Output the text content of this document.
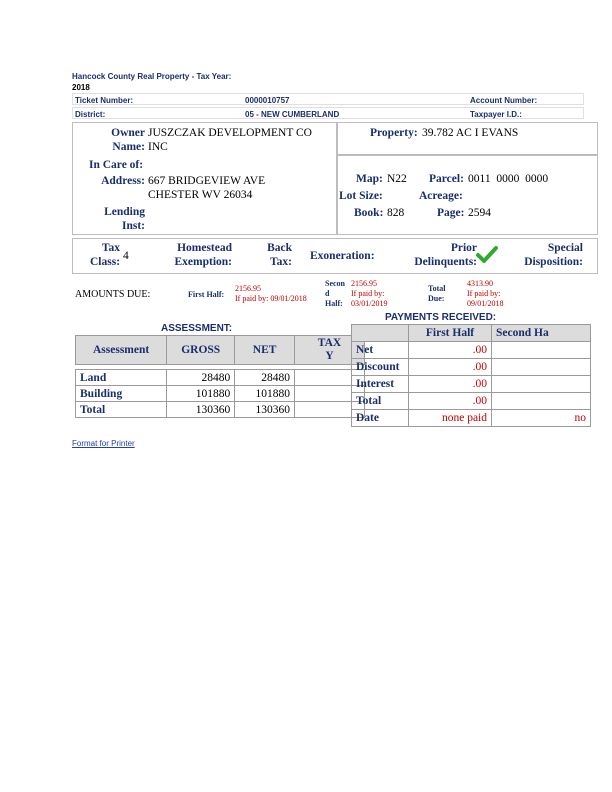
Hancock County Real Property - Tax Year:
2018
Ticket Number:	0000010757	Account Number:
District:	05 - NEW CUMBERLAND	Taxpayer I.D.:
Owner
Name:
JUSZCZAK DEVELOPMENT CO
INC
In Care of:
Address: 667 BRIDGEVIEW AVE
CHESTER WV 26034
Lending
Inst:
Property: 39.782 AC I EVANS
Map: N22 Parcel: 0011  0000  0000
Lot Size:	Acreage:
Book: 828	Page: 2594
Tax
Class: 4
Homestead
Exemption:
Back
Tax: Exoneration:
Prior
Delinquents:
Special
Disposition:
AMOUNTS DUE:	First Half:
2156.95
If paid by: 09/01/2018
Secon
d
Half:
2156.95
If paid by:
03/01/2019
Total
Due:
4313.90
If paid by:
09/01/2018
PAYMENTS RECEIVED:
ASSESSMENT:
Assessment	GROSS	NET	TAX
Y

Land	28480	28480	
Building	101880	101880	
Total	130360	130360	
	First Half	Second Ha
Net	.00	
Discount	.00	
Interest	.00	
Total	.00	
Date	none paid	no
Format for Printer
